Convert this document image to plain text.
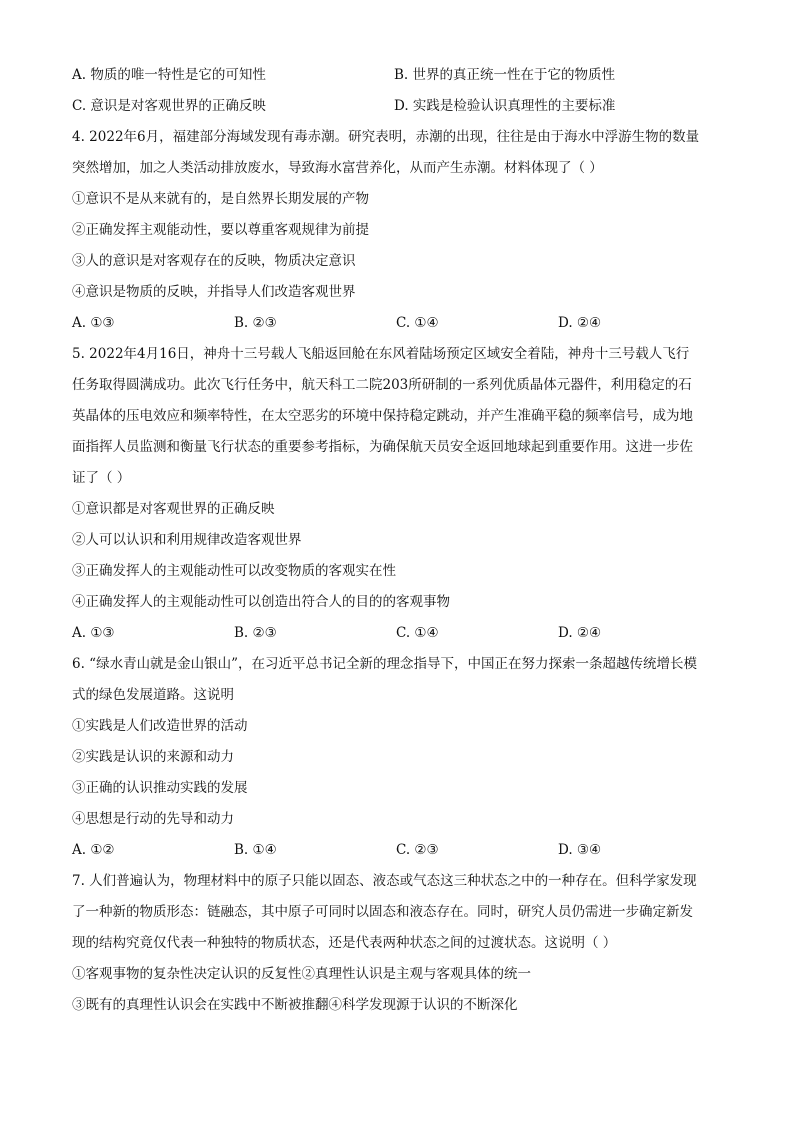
A. 物质的唯一特性是它的可知性	B. 世界的真正统一性在于它的物质性
C. 意识是对客观世界的正确反映	D. 实践是检验认识真理性的主要标准
4. 2022年6月，福建部分海域发现有毒赤潮。研究表明，赤潮的出现，往往是由于海水中浮游生物的数量
突然增加，加之人类活动排放废水，导致海水富营养化，从而产生赤潮。材料体现了（ ）
①意识不是从来就有的，是自然界长期发展的产物
②正确发挥主观能动性，要以尊重客观规律为前提
③人的意识是对客观存在的反映，物质决定意识
④意识是物质的反映，并指导人们改造客观世界
A. ①③	B. ②③	C. ①④	D. ②④
5. 2022年4月16日，神舟十三号载人飞船返回舱在东风着陆场预定区域安全着陆，神舟十三号载人飞行
任务取得圆满成功。此次飞行任务中，航天科工二院203所研制的一系列优质晶体元器件，利用稳定的石
英晶体的压电效应和频率特性，在太空恶劣的环境中保持稳定跳动，并产生准确平稳的频率信号，成为地
面指挥人员监测和衡量飞行状态的重要参考指标，为确保航天员安全返回地球起到重要作用。这进一步佐
证了（ ）
①意识都是对客观世界的正确反映
②人可以认识和利用规律改造客观世界
③正确发挥人的主观能动性可以改变物质的客观实在性
④正确发挥人的主观能动性可以创造出符合人的目的的客观事物
A. ①③	B. ②③	C. ①④	D. ②④
6. “绿水青山就是金山银山”，在习近平总书记全新的理念指导下，中国正在努力探索一条超越传统增长模
式的绿色发展道路。这说明
①实践是人们改造世界的活动
②实践是认识的来源和动力
③正确的认识推动实践的发展
④思想是行动的先导和动力
A. ①②	B. ①④	C. ②③	D. ③④
7. 人们普遍认为，物理材料中的原子只能以固态、液态或气态这三种状态之中的一种存在。但科学家发现
了一种新的物质形态：链融态，其中原子可同时以固态和液态存在。同时，研究人员仍需进一步确定新发
现的结构究竟仅代表一种独特的物质状态，还是代表两种状态之间的过渡状态。这说明（ ）
①客观事物的复杂性决定认识的反复性②真理性认识是主观与客观具体的统一
③既有的真理性认识会在实践中不断被推翻④科学发现源于认识的不断深化
